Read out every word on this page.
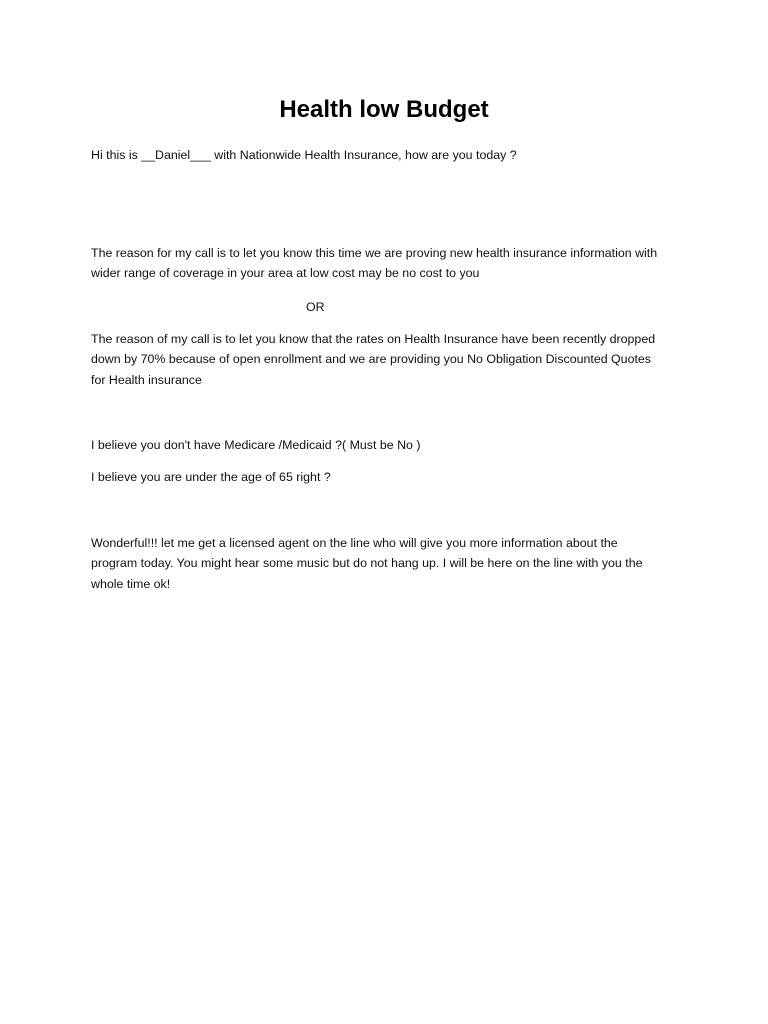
Health low Budget
Hi this is __Daniel___ with Nationwide Health Insurance, how are you today ?
The reason for my call is to let you know this time we are proving new health insurance information with
wider range of coverage in your area at low cost may be no cost to you
OR
The reason of my call is to let you know that the rates on Health Insurance have been recently dropped
down by 70% because of open enrollment and we are providing you No Obligation Discounted Quotes
for Health insurance
I believe you don't have Medicare /Medicaid ?( Must be No )
I believe you are under the age of 65 right ?
Wonderful!!! let me get a licensed agent on the line who will give you more information about the
program today. You might hear some music but do not hang up. I will be here on the line with you the
whole time ok!
